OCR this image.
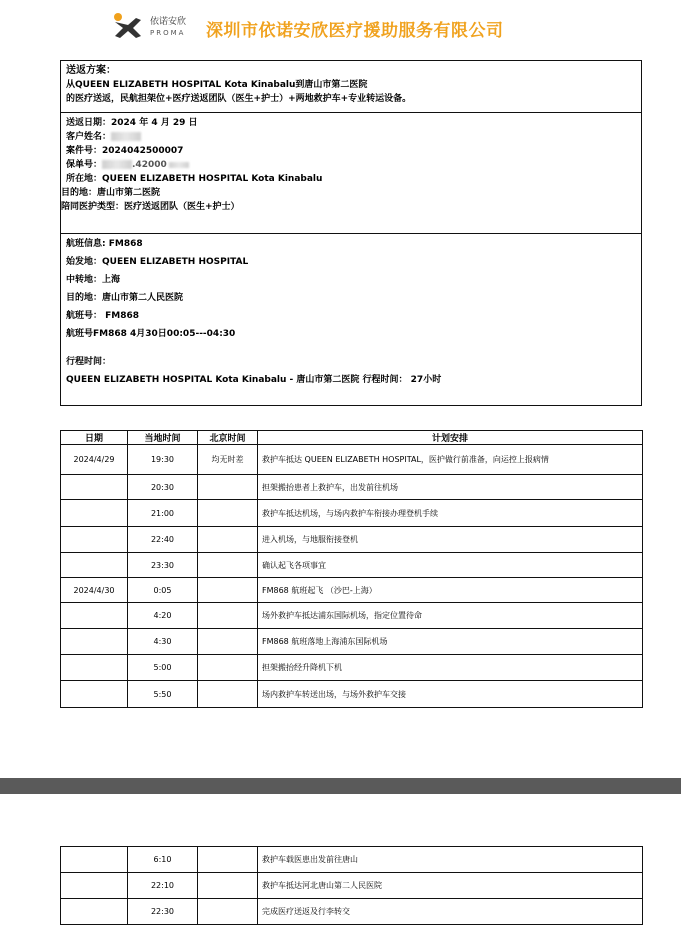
依诺安欣
PROMA 深圳市依诺安欣医疗援助服务有限公司
送返方案：
从QUEEN ELIZABETH HOSPITAL Kota Kinabalu到唐山市第二医院
的医疗送返，民航担架位+医疗送返团队（医生+护士）+两地救护车+专业转运设备。
送返日期：2024 年 4 月 29 日
客户姓名：
案件号：2024042500007
保单号：	.42000
所在地：QUEEN ELIZABETH HOSPITAL Kota Kinabalu
目的地：唐山市第二医院
陪同医护类型：医疗送返团队（医生+护士）
航班信息: FM868
始发地：QUEEN ELIZABETH HOSPITAL
中转地：上海
目的地：唐山市第二人民医院
航班号： FM868
航班号FM868 4月30日00:05---04:30
行程时间：
QUEEN ELIZABETH HOSPITAL Kota Kinabalu - 唐山市第二医院 行程时间： 27小时
日期	当地时间	北京时间	计划安排
2024/4/29	19:30	均无时差	救护车抵达 QUEEN ELIZABETH HOSPITAL，医护做行前准备，向运控上报病情
	20:30		担架搬抬患者上救护车，出发前往机场
	21:00		救护车抵达机场，与场内救护车衔接办理登机手续
	22:40		进入机场，与地服衔接登机
	23:30		确认起飞各项事宜
2024/4/30	0:05		FM868 航班起飞 （沙巴-上海）
	4:20		场外救护车抵达浦东国际机场，指定位置待命
	4:30		FM868 航班落地上海浦东国际机场
	5:00		担架搬抬经升降机下机
	5:50		场内救护车转送出场，与场外救护车交接
	6:10		救护车载医患出发前往唐山
	22:10		救护车抵达河北唐山第二人民医院
	22:30		完成医疗送返及行李转交
